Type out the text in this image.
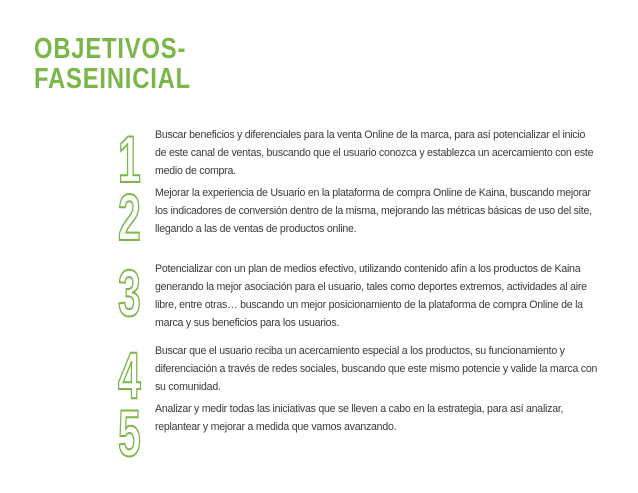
OBJETIVOS-
FASEINICIAL
1 Buscar beneficios y diferenciales para la venta Online de la marca, para así potencializar el inicio de este canal de ventas, buscando que el usuario conozca y establezca un acercamiento con este medio de compra.

2 Mejorar la experiencia de Usuario en la plataforma de compra Online de Kaina, buscando mejorar los indicadores de conversión dentro de la misma, mejorando las métricas básicas de uso del site, llegando a las de ventas de productos online.

3 Potencializar con un plan de medios efectivo, utilizando contenido afín a los productos de Kaina generando la mejor asociación para el usuario, tales como deportes extremos, actividades al aire libre, entre otras… buscando un mejor posicionamiento de la plataforma de compra Online de la marca y sus beneficios para los usuarios.

4 Buscar que el usuario reciba un acercamiento especial a los productos, su funcionamiento y diferenciación a través de redes sociales, buscando que este mismo potencie y valide la marca con su comunidad.

5 Analizar y medir todas las iniciativas que se lleven a cabo en la estrategia, para así analizar, replantear y mejorar a medida que vamos avanzando.
